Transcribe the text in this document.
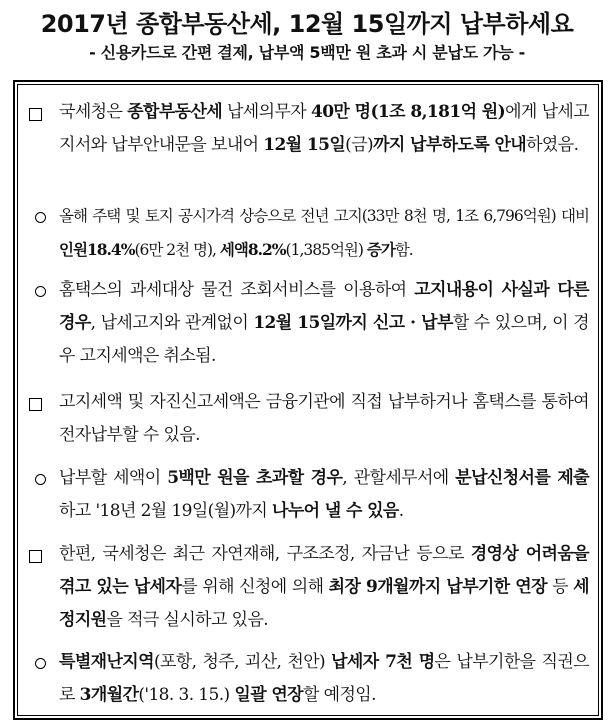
2017년 종합부동산세, 12월 15일까지 납부하세요
- 신용카드로 간편 결제, 납부액 5백만 원 초과 시 분납도 가능 -
국세청은 종합부동산세 납세의무자 40만 명(1조 8,181억 원)에게 납세고지서와 납부안내문을 보내어 12월 15일(금)까지 납부하도록 안내하였음.
올해 주택 및 토지 공시가격 상승으로 전년 고지(33만 8천 명, 1조 6,796억원) 대비 인원18.4%(6만 2천 명), 세액8.2%(1,385억원) 증가함.
홈택스의 과세대상 물건 조회서비스를 이용하여 고지내용이 사실과 다른 경우, 납세고지와 관계없이 12월 15일까지 신고 · 납부할 수 있으며, 이 경우 고지세액은 취소됨.
고지세액 및 자진신고세액은 금융기관에 직접 납부하거나 홈택스를 통하여 전자납부할 수 있음.
납부할 세액이 5백만 원을 초과할 경우, 관할세무서에 분납신청서를 제출하고 '18년 2월 19일(월)까지 나누어 낼 수 있음.
한편, 국세청은 최근 자연재해, 구조조정, 자금난 등으로 경영상 어려움을 겪고 있는 납세자를 위해 신청에 의해 최장 9개월까지 납부기한 연장 등 세정지원을 적극 실시하고 있음.
특별재난지역(포항, 청주, 괴산, 천안) 납세자 7천 명은 납부기한을 직권으로 3개월간('18. 3. 15.) 일괄 연장할 예정임.
